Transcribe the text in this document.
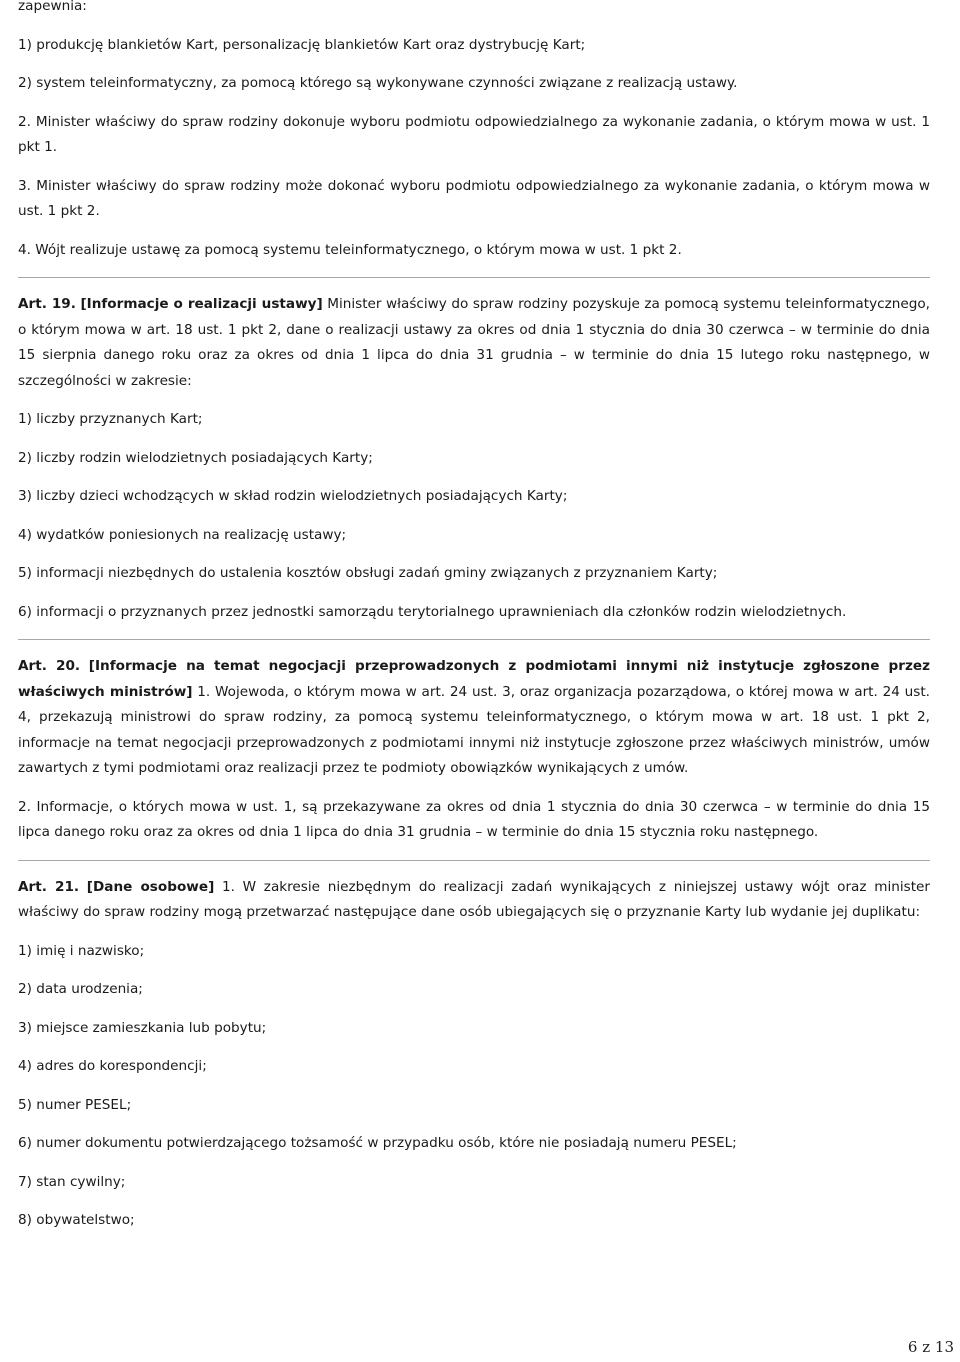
zapewnia:

1) produkcję blankietów Kart, personalizację blankietów Kart oraz dystrybucję Kart;

2) system teleinformatyczny, za pomocą którego są wykonywane czynności związane z realizacją ustawy.

2. Minister właściwy do spraw rodziny dokonuje wyboru podmiotu odpowiedzialnego za wykonanie zadania, o którym mowa w ust. 1 pkt 1.

3. Minister właściwy do spraw rodziny może dokonać wyboru podmiotu odpowiedzialnego za wykonanie zadania, o którym mowa w ust. 1 pkt 2.

4. Wójt realizuje ustawę za pomocą systemu teleinformatycznego, o którym mowa w ust. 1 pkt 2.

Art. 19. [Informacje o realizacji ustawy] Minister właściwy do spraw rodziny pozyskuje za pomocą systemu teleinformatycznego, o którym mowa w art. 18 ust. 1 pkt 2, dane o realizacji ustawy za okres od dnia 1 stycznia do dnia 30 czerwca – w terminie do dnia 15 sierpnia danego roku oraz za okres od dnia 1 lipca do dnia 31 grudnia – w terminie do dnia 15 lutego roku następnego, w szczególności w zakresie:

1) liczby przyznanych Kart;

2) liczby rodzin wielodzietnych posiadających Karty;

3) liczby dzieci wchodzących w skład rodzin wielodzietnych posiadających Karty;

4) wydatków poniesionych na realizację ustawy;

5) informacji niezbędnych do ustalenia kosztów obsługi zadań gminy związanych z przyznaniem Karty;

6) informacji o przyznanych przez jednostki samorządu terytorialnego uprawnieniach dla członków rodzin wielodzietnych.

Art. 20. [Informacje na temat negocjacji przeprowadzonych z podmiotami innymi niż instytucje zgłoszone przez właściwych ministrów] 1. Wojewoda, o którym mowa w art. 24 ust. 3, oraz organizacja pozarządowa, o której mowa w art. 24 ust. 4, przekazują ministrowi do spraw rodziny, za pomocą systemu teleinformatycznego, o którym mowa w art. 18 ust. 1 pkt 2, informacje na temat negocjacji przeprowadzonych z podmiotami innymi niż instytucje zgłoszone przez właściwych ministrów, umów zawartych z tymi podmiotami oraz realizacji przez te podmioty obowiązków wynikających z umów.

2. Informacje, o których mowa w ust. 1, są przekazywane za okres od dnia 1 stycznia do dnia 30 czerwca – w terminie do dnia 15 lipca danego roku oraz za okres od dnia 1 lipca do dnia 31 grudnia – w terminie do dnia 15 stycznia roku następnego.

Art. 21. [Dane osobowe] 1. W zakresie niezbędnym do realizacji zadań wynikających z niniejszej ustawy wójt oraz minister właściwy do spraw rodziny mogą przetwarzać następujące dane osób ubiegających się o przyznanie Karty lub wydanie jej duplikatu:

1) imię i nazwisko;

2) data urodzenia;

3) miejsce zamieszkania lub pobytu;

4) adres do korespondencji;

5) numer PESEL;

6) numer dokumentu potwierdzającego tożsamość w przypadku osób, które nie posiadają numeru PESEL;

7) stan cywilny;

8) obywatelstwo;

6 z 13
